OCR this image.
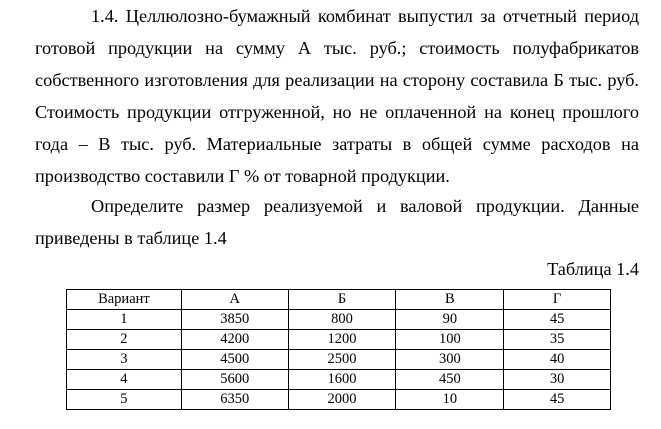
1.4. Целлюлозно-бумажный комбинат выпустил за отчетный период готовой продукции на сумму А тыс. руб.; стоимость полуфабрикатов собственного изготовления для реализации на сторону составила Б тыс. руб. Стоимость продукции отгруженной, но не оплаченной на конец прошлого года – В тыс. руб. Материальные затраты в общей сумме расходов на производство составили Г % от товарной продукции.

Определите размер реализуемой и валовой продукции. Данные приведены в таблице 1.4

Таблица 1.4

Вариант	А	Б	В	Г
1	3850	800	90	45
2	4200	1200	100	35
3	4500	2500	300	40
4	5600	1600	450	30
5	6350	2000	10	45
